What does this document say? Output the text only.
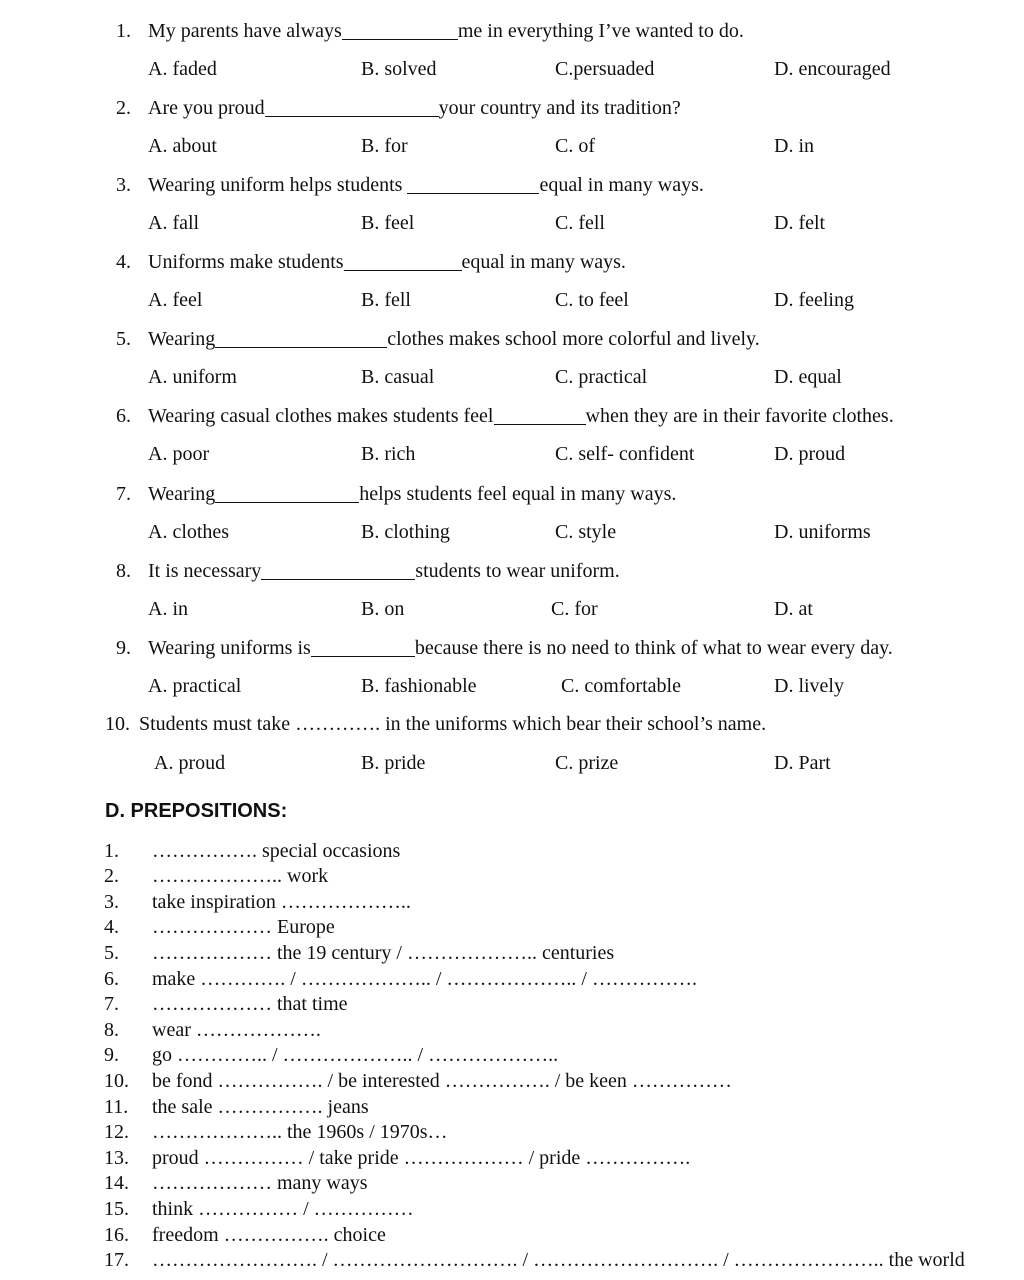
1. My parents have always	me in everything I’ve wanted to do.
A. faded	B. solved	C.persuaded	D. encouraged
2. Are you proud	your country and its tradition?
A. about	B. for	C. of	D. in
3. Wearing uniform helps students	equal in many ways.
A. fall	B. feel	C. fell	D. felt
4. Uniforms make students	equal in many ways.
A. feel	B. fell	C. to feel	D. feeling
5. Wearing	clothes makes school more colorful and lively.
A. uniform	B. casual	C. practical	D. equal
6. Wearing casual clothes makes students feel	when they are in their favorite clothes.
A. poor	B. rich	C. self- confident	D. proud
7. Wearing	helps students feel equal in many ways.
A. clothes	B. clothing	C. style	D. uniforms
8. It is necessary	students to wear uniform.
A. in	B. on	C. for	D. at
9. Wearing uniforms is	because there is no need to think of what to wear every day.
A. practical	B. fashionable	C. comfortable	D. lively
10. Students must take …………. in the uniforms which bear their school’s name.
A. proud	B. pride	C. prize	D. Part
D. PREPOSITIONS:
1. ……………. special occasions
2. ……………….. work
3. take inspiration ………………..
4. ……………… Europe
5. ……………… the 19 century / ……………….. centuries
6. make …………. / ……………….. / ……………….. / …………….
7. ……………… that time
8. wear ……………….
9. go ………….. / ……………….. / ………………..
10. be fond ……………. / be interested ……………. / be keen ……………
11. the sale ……………. jeans
12. ……………….. the 1960s / 1970s…
13. proud …………… / take pride ……………… / pride …………….
14. ……………… many ways
15. think …………… / ……………
16. freedom ……………. choice
17. ……………………. / ………………………. / ………………………. / ………………….. the world
